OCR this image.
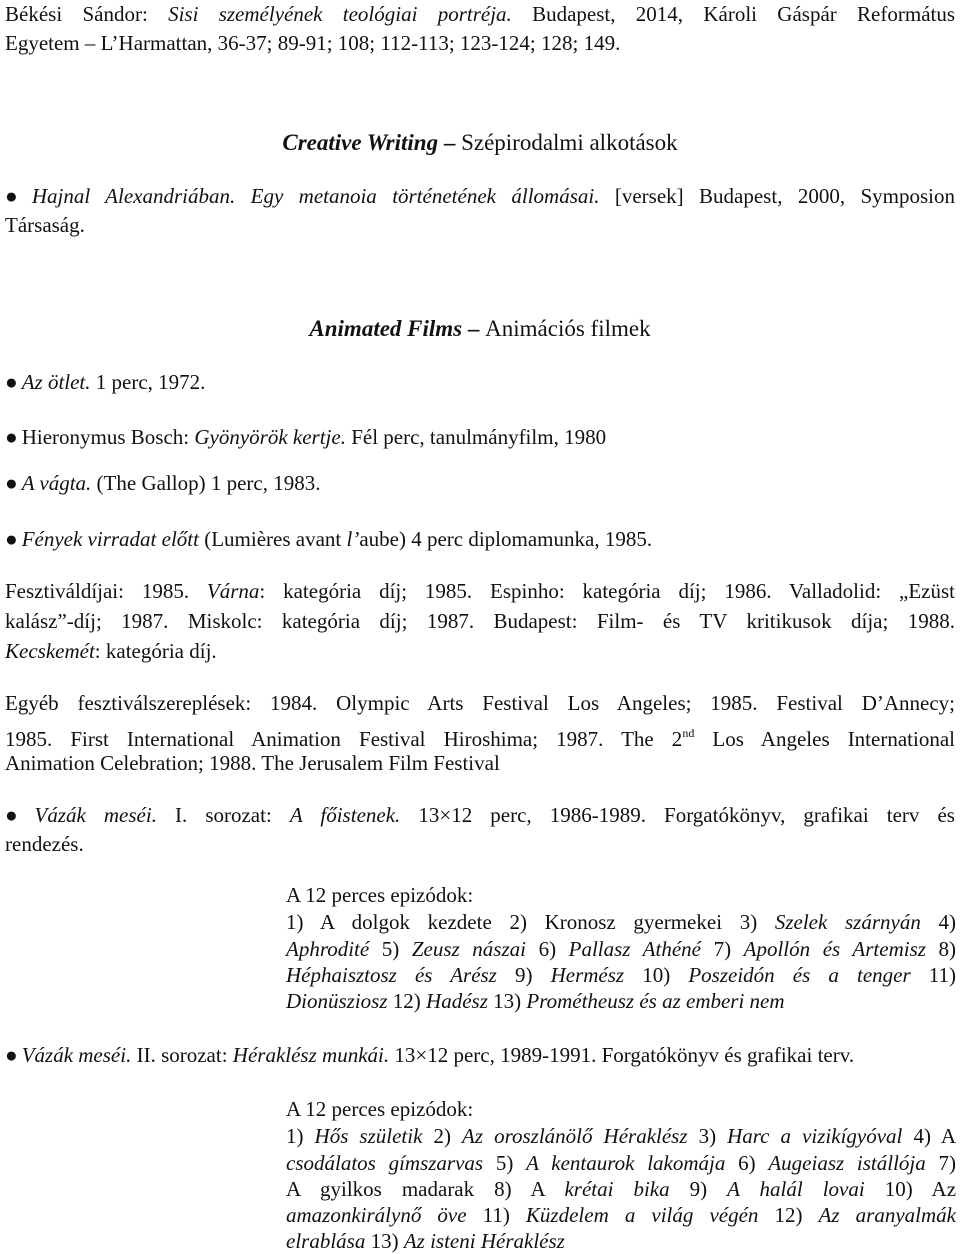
Békési Sándor: Sisi személyének teológiai portréja. Budapest, 2014, Károli Gáspár Református
Egyetem – L’Harmattan, 36-37; 89-91; 108; 112-113; 123-124; 128; 149.
Creative Writing – Szépirodalmi alkotások
● Hajnal Alexandriában. Egy metanoia történetének állomásai. [versek] Budapest, 2000, Symposion
Társaság.
Animated Films – Animációs filmek
● Az ötlet. 1 perc, 1972.
● Hieronymus Bosch: Gyönyörök kertje. Fél perc, tanulmányfilm, 1980
● A vágta. (The Gallop) 1 perc, 1983.
● Fények virradat előtt (Lumières avant l’aube) 4 perc diplomamunka, 1985.
Fesztiváldíjai: 1985. Várna: kategória díj; 1985. Espinho: kategória díj; 1986. Valladolid: „Ezüst
kalász”-díj; 1987. Miskolc: kategória díj; 1987. Budapest: Film- és TV kritikusok díja; 1988.
Kecskemét: kategória díj.
Egyéb fesztiválszereplések: 1984. Olympic Arts Festival Los Angeles; 1985. Festival D’Annecy;
1985. First International Animation Festival Hiroshima; 1987. The 2nd Los Angeles International
Animation Celebration; 1988. The Jerusalem Film Festival
● Vázák meséi. I. sorozat: A főistenek. 13×12 perc, 1986-1989. Forgatókönyv, grafikai terv és
rendezés.
A 12 perces epizódok:
1) A dolgok kezdete 2) Kronosz gyermekei 3) Szelek szárnyán 4)
Aphrodité 5) Zeusz nászai 6) Pallasz Athéné 7) Apollón és Artemisz 8)
Héphaisztosz és Arész 9) Hermész 10) Poszeidón és a tenger 11)
Dionüsziosz 12) Hadész 13) Prométheusz és az emberi nem
● Vázák meséi. II. sorozat: Héraklész munkái. 13×12 perc, 1989-1991. Forgatókönyv és grafikai terv.
A 12 perces epizódok:
1) Hős születik 2) Az oroszlánölő Héraklész 3) Harc a vizikígyóval 4) A
csodálatos gímszarvas 5) A kentaurok lakomája 6) Augeiasz istállója 7)
A gyilkos madarak 8) A krétai bika 9) A halál lovai 10) Az
amazonkirálynő öve 11) Küzdelem a világ végén 12) Az aranyalmák
elrablása 13) Az isteni Héraklész
